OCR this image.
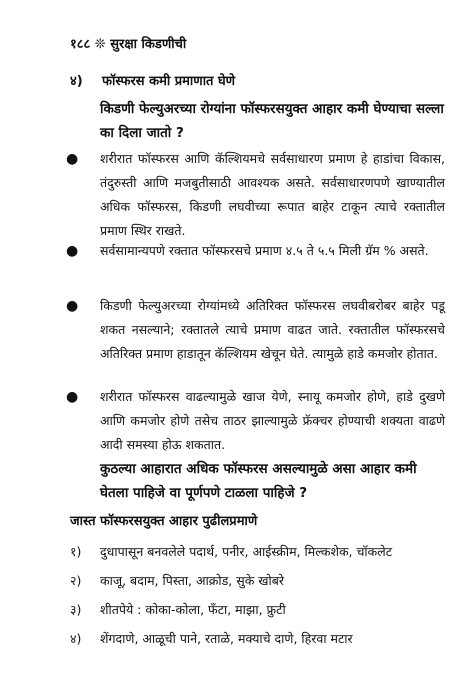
१८८ ❊ सुरक्षा किडणीची
४) फॉस्फरस कमी प्रमाणात घेणे
किडणी फेल्युअरच्या रोग्यांना फॉस्फरसयुक्त आहार कमी घेण्याचा सल्ला का दिला जातो ?
●	शरीरात फॉस्फरस आणि कॅल्शियमचे सर्वसाधारण प्रमाण हे हाडांचा विकास, तंदुरुस्ती आणि मजबुतीसाठी आवश्यक असते. सर्वसाधारणपणे खाण्यातील अधिक फॉस्फरस, किडणी लघवीच्या रूपात बाहेर टाकून त्याचे रक्तातील प्रमाण स्थिर राखते.
●	सर्वसामान्यपणे रक्तात फॉस्फरसचे प्रमाण ४.५ ते ५.५ मिली ग्रॅम % असते.
●	किडणी फेल्युअरच्या रोग्यांमध्ये अतिरिक्त फॉस्फरस लघवीबरोबर बाहेर पडू शकत नसल्याने; रक्तातले त्याचे प्रमाण वाढत जाते. रक्तातील फॉस्फरसचे अतिरिक्त प्रमाण हाडातून कॅल्शियम खेचून घेते. त्यामुळे हाडे कमजोर होतात.
●	शरीरात फॉस्फरस वाढल्यामुळे खाज येणे, स्नायू कमजोर होणे, हाडे दुखणे आणि कमजोर होणे तसेच ताठर झाल्यामुळे फ्रॅक्चर होण्याची शक्यता वाढणे आदी समस्या होऊ शकतात.
कुठल्या आहारात अधिक फॉस्फरस असल्यामुळे असा आहार कमी घेतला पाहिजे वा पूर्णपणे टाळला पाहिजे ?
जास्त फॉस्फरसयुक्त आहार पुढीलप्रमाणे
१) दुधापासून बनवलेले पदार्थ, पनीर, आईस्क्रीम, मिल्कशेक, चॉकलेट
२) काजू, बदाम, पिस्ता, आक्रोड, सुके खोबरे
३) शीतपेये : कोका-कोला, फँटा, माझा, फ्रुटी
४) शेंगदाणे, आळूची पाने, रताळे, मक्याचे दाणे, हिरवा मटार
